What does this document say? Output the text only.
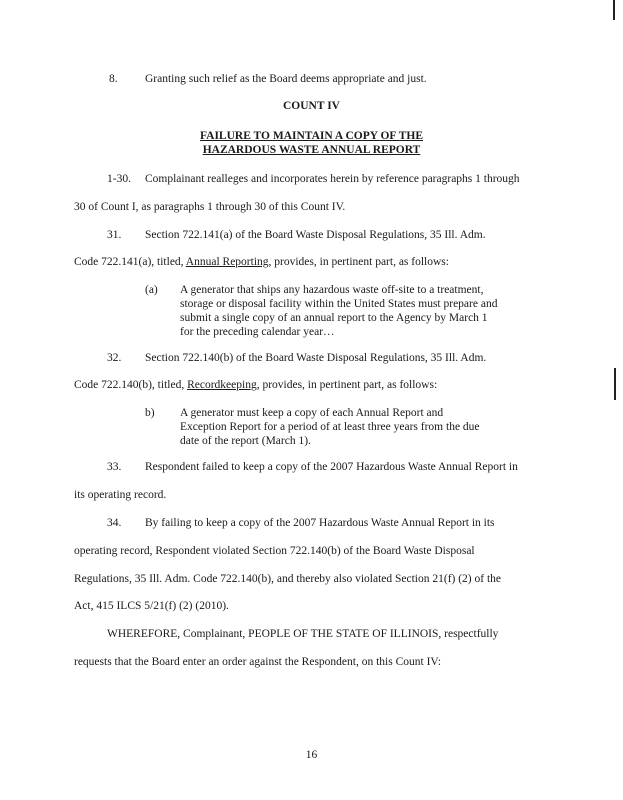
8. Granting such relief as the Board deems appropriate and just.
COUNT IV
FAILURE TO MAINTAIN A COPY OF THE
HAZARDOUS WASTE ANNUAL REPORT
1-30. Complainant realleges and incorporates herein by reference paragraphs 1 through
30 of Count I, as paragraphs 1 through 30 of this Count IV.
31. Section 722.141(a) of the Board Waste Disposal Regulations, 35 Ill. Adm.
Code 722.141(a), titled, Annual Reporting, provides, in pertinent part, as follows:
(a) A generator that ships any hazardous waste off-site to a treatment,
storage or disposal facility within the United States must prepare and
submit a single copy of an annual report to the Agency by March 1
for the preceding calendar year…
32. Section 722.140(b) of the Board Waste Disposal Regulations, 35 Ill. Adm.
Code 722.140(b), titled, Recordkeeping, provides, in pertinent part, as follows:
b) A generator must keep a copy of each Annual Report and
Exception Report for a period of at least three years from the due
date of the report (March 1).
33. Respondent failed to keep a copy of the 2007 Hazardous Waste Annual Report in
its operating record.
34. By failing to keep a copy of the 2007 Hazardous Waste Annual Report in its
operating record, Respondent violated Section 722.140(b) of the Board Waste Disposal
Regulations, 35 Ill. Adm. Code 722.140(b), and thereby also violated Section 21(f) (2) of the
Act, 415 ILCS 5/21(f) (2) (2010).
WHEREFORE, Complainant, PEOPLE OF THE STATE OF ILLINOIS, respectfully
requests that the Board enter an order against the Respondent, on this Count IV:
16
